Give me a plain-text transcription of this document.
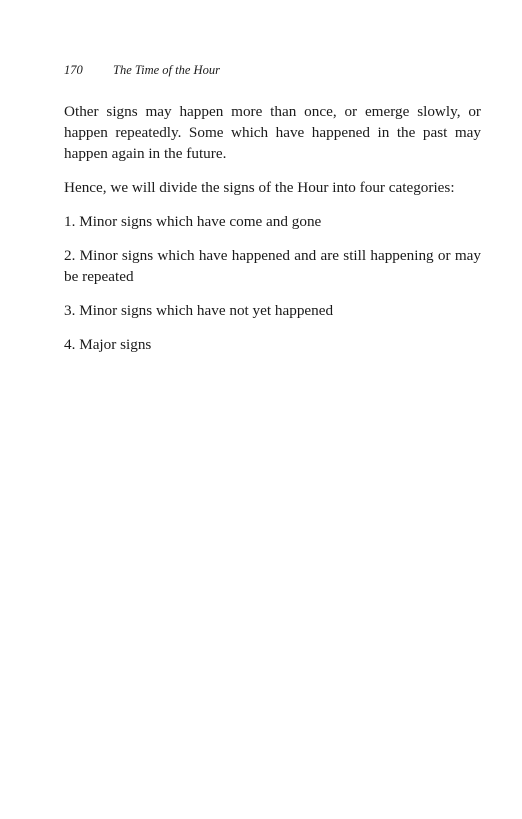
170 The Time of the Hour

Other signs may happen more than once, or emerge slowly, or happen repeatedly. Some which have happened in the past may happen again in the future.

Hence, we will divide the signs of the Hour into four categories:

1. Minor signs which have come and gone

2. Minor signs which have happened and are still happening or may be repeated

3. Minor signs which have not yet happened

4. Major signs
